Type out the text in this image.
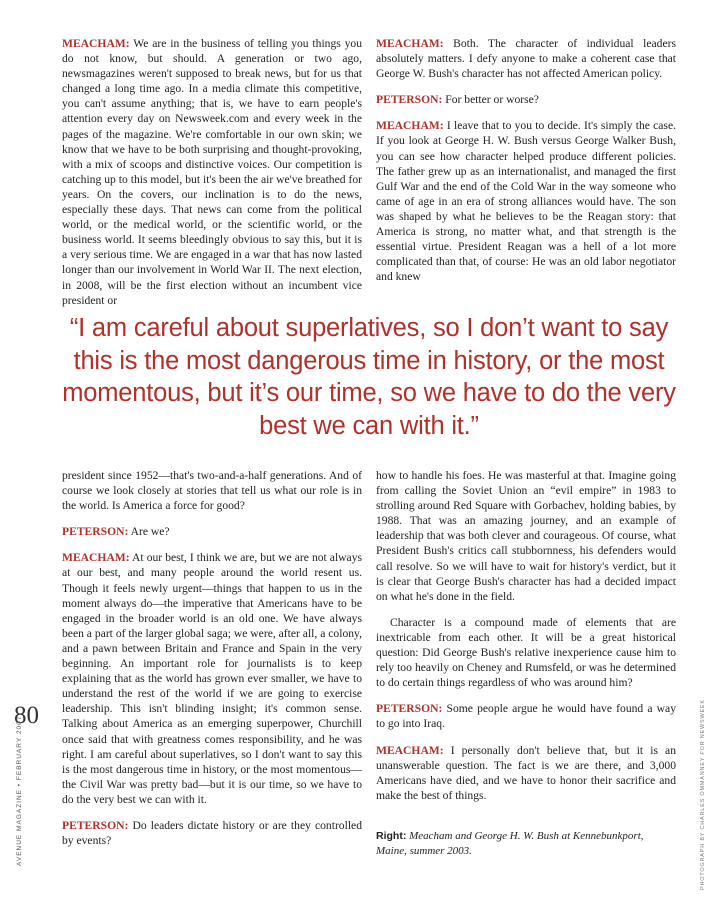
MEACHAM: We are in the business of telling you things you do not know, but should. A generation or two ago, newsmagazines weren't supposed to break news, but for us that changed a long time ago. In a media climate this competitive, you can't assume anything; that is, we have to earn people's attention every day on Newsweek.com and every week in the pages of the magazine. We're comfortable in our own skin; we know that we have to be both surprising and thought-provoking, with a mix of scoops and distinctive voices. Our competition is catching up to this model, but it's been the air we've breathed for years. On the covers, our inclination is to do the news, especially these days. That news can come from the political world, or the medical world, or the scientific world, or the business world. It seems bleedingly obvious to say this, but it is a very serious time. We are engaged in a war that has now lasted longer than our involvement in World War II. The next election, in 2008, will be the first election without an incumbent vice president or

MEACHAM: Both. The character of individual leaders absolutely matters. I defy anyone to make a coherent case that George W. Bush's character has not affected American policy.

PETERSON: For better or worse?

MEACHAM: I leave that to you to decide. It's simply the case. If you look at George H. W. Bush versus George Walker Bush, you can see how character helped produce different policies. The father grew up as an internationalist, and managed the first Gulf War and the end of the Cold War in the way someone who came of age in an era of strong alliances would have. The son was shaped by what he believes to be the Reagan story: that America is strong, no matter what, and that strength is the essential virtue. President Reagan was a hell of a lot more complicated than that, of course: He was an old labor negotiator and knew

“I am careful about superlatives, so I don’t want to say this is the most dangerous time in history, or the most momentous, but it’s our time, so we have to do the very best we can with it.”

president since 1952—that's two-and-a-half generations. And of course we look closely at stories that tell us what our role is in the world. Is America a force for good?

PETERSON: Are we?

MEACHAM: At our best, I think we are, but we are not always at our best, and many people around the world resent us. Though it feels newly urgent—things that happen to us in the moment always do—the imperative that Americans have to be engaged in the broader world is an old one. We have always been a part of the larger global saga; we were, after all, a colony, and a pawn between Britain and France and Spain in the very beginning. An important role for journalists is to keep explaining that as the world has grown ever smaller, we have to understand the rest of the world if we are going to exercise leadership. This isn't blinding insight; it's common sense. Talking about America as an emerging superpower, Churchill once said that with greatness comes responsibility, and he was right. I am careful about superlatives, so I don't want to say this is the most dangerous time in history, or the most momentous—the Civil War was pretty bad—but it is our time, so we have to do the very best we can with it.

PETERSON: Do leaders dictate history or are they controlled by events?

how to handle his foes. He was masterful at that. Imagine going from calling the Soviet Union an “evil empire” in 1983 to strolling around Red Square with Gorbachev, holding babies, by 1988. That was an amazing journey, and an example of leadership that was both clever and courageous. Of course, what President Bush's critics call stubbornness, his defenders would call resolve. So we will have to wait for history's verdict, but it is clear that George Bush's character has had a decided impact on what he's done in the field.

Character is a compound made of elements that are inextricable from each other. It will be a great historical question: Did George Bush's relative inexperience cause him to rely too heavily on Cheney and Rumsfeld, or was he determined to do certain things regardless of who was around him?

PETERSON: Some people argue he would have found a way to go into Iraq.

MEACHAM: I personally don't believe that, but it is an unanswerable question. The fact is we are there, and 3,000 Americans have died, and we have to honor their sacrifice and make the best of things.

Right: Meacham and George H. W. Bush at Kennebunkport, Maine, summer 2003.

80
AVENUE MAGAZINE • FEBRUARY 2007	PHOTOGRAPH BY CHARLES OMMANNEY FOR NEWSWEEK
